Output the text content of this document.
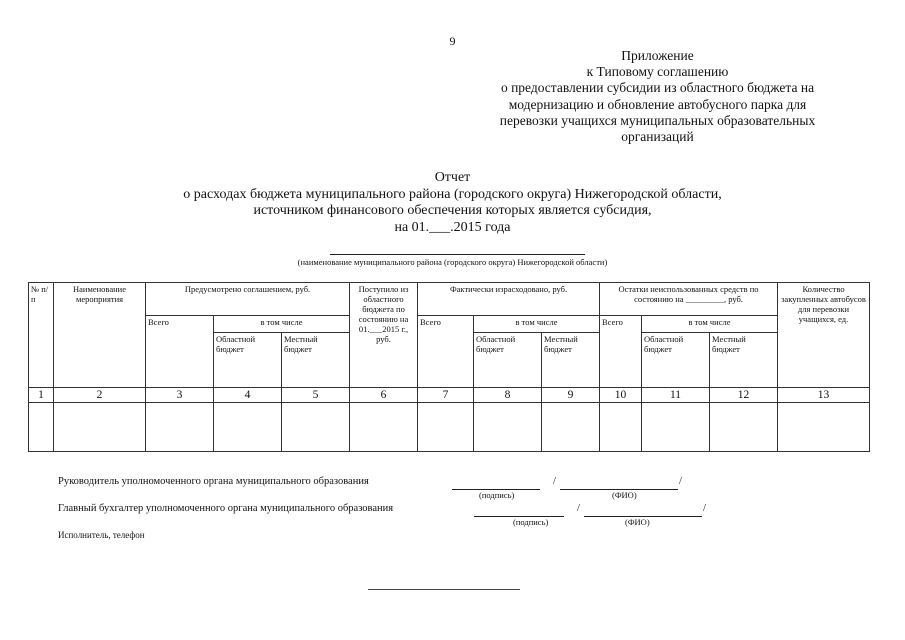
9
Приложение
к Типовому соглашению
о предоставлении субсидии из областного бюджета на
модернизацию и обновление автобусного парка для
перевозки учащихся муниципальных образовательных
организаций
Отчет
о расходах бюджета муниципального района (городского округа) Нижегородской области,
источником финансового обеспечения которых является субсидия,
на 01.___.2015 года
(наименование муниципального района (городского округа) Нижегородской области)
№ п/п	Наименование мероприятия	Предусмотрено соглашением, руб.			Поступило из областного бюджета по состоянию на 01.___2015 г., руб.	Фактически израсходовано, руб.			Остатки неиспользованных средств по состоянию на _________, руб.			Количество закупленных автобусов для перевозки учащихся, ед.
		Всего	в том числе			Всего	в том числе		Всего	в том числе		
			Областной бюджет	Местный бюджет			Областной бюджет	Местный бюджет		Областной бюджет	Местный бюджет	
1	2	3	4	5	6	7	8	9	10	11	12	13

Руководитель уполномоченного органа муниципального образования	/	/
(подпись)	(ФИО)
Главный бухгалтер уполномоченного органа муниципального образования	/	/
(подпись)	(ФИО)
Исполнитель, телефон
